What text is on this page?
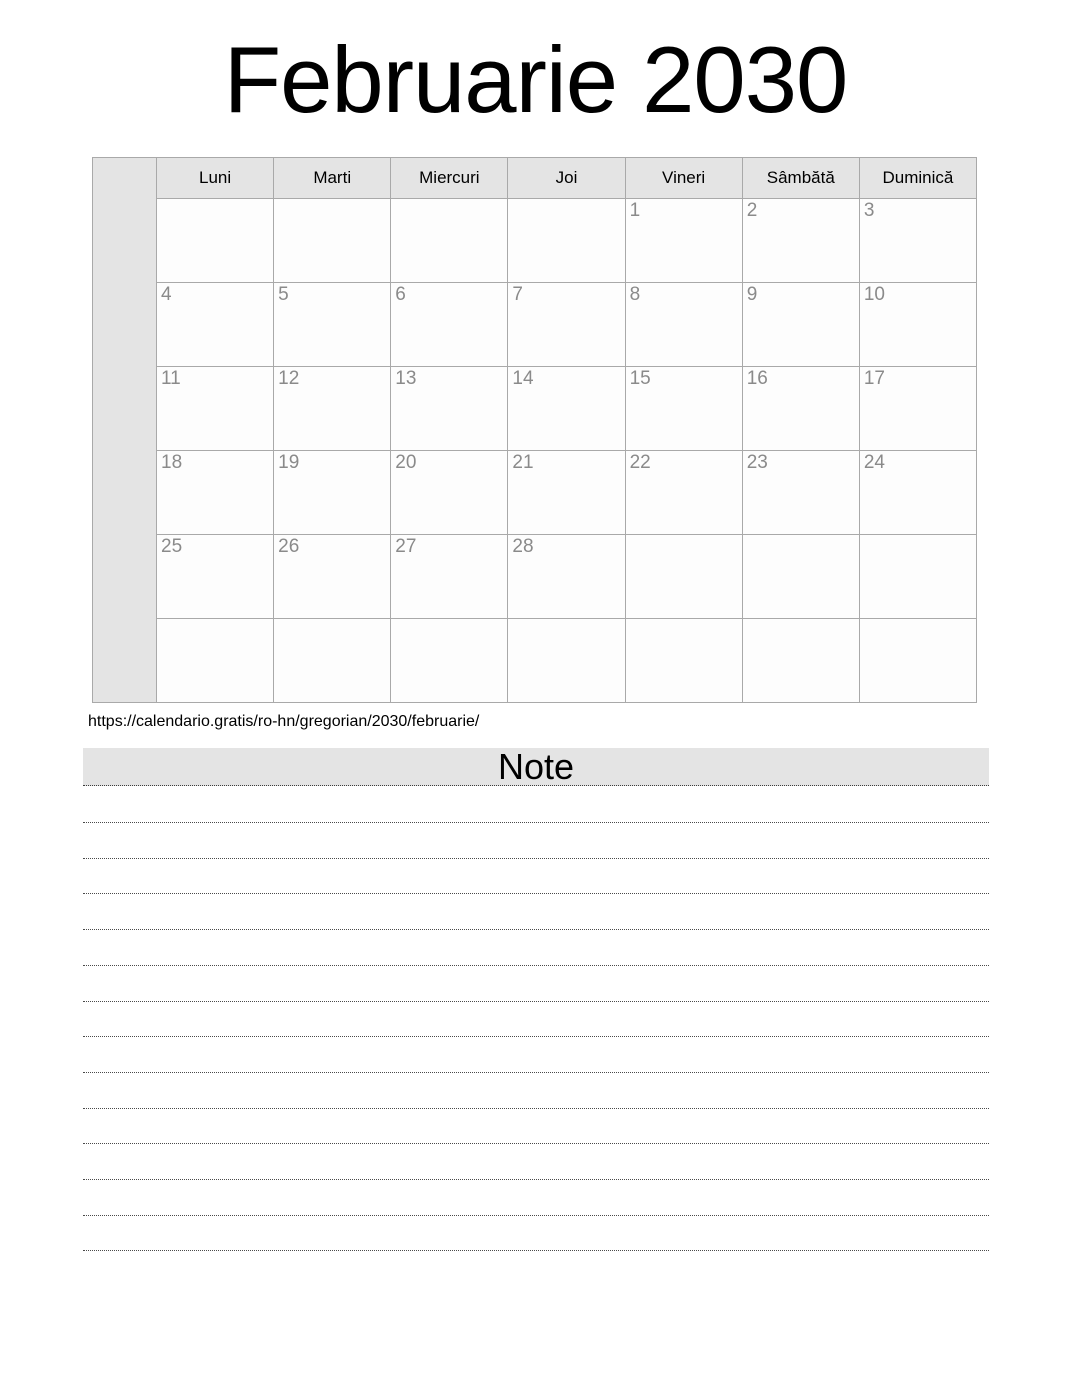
Februarie 2030
	Luni	Marti	Miercuri	Joi	Vineri	Sâmbătă	Duminică
					1	2	3
	4	5	6	7	8	9	10
	11	12	13	14	15	16	17
	18	19	20	21	22	23	24
	25	26	27	28			

https://calendario.gratis/ro-hn/gregorian/2030/februarie/
Note
